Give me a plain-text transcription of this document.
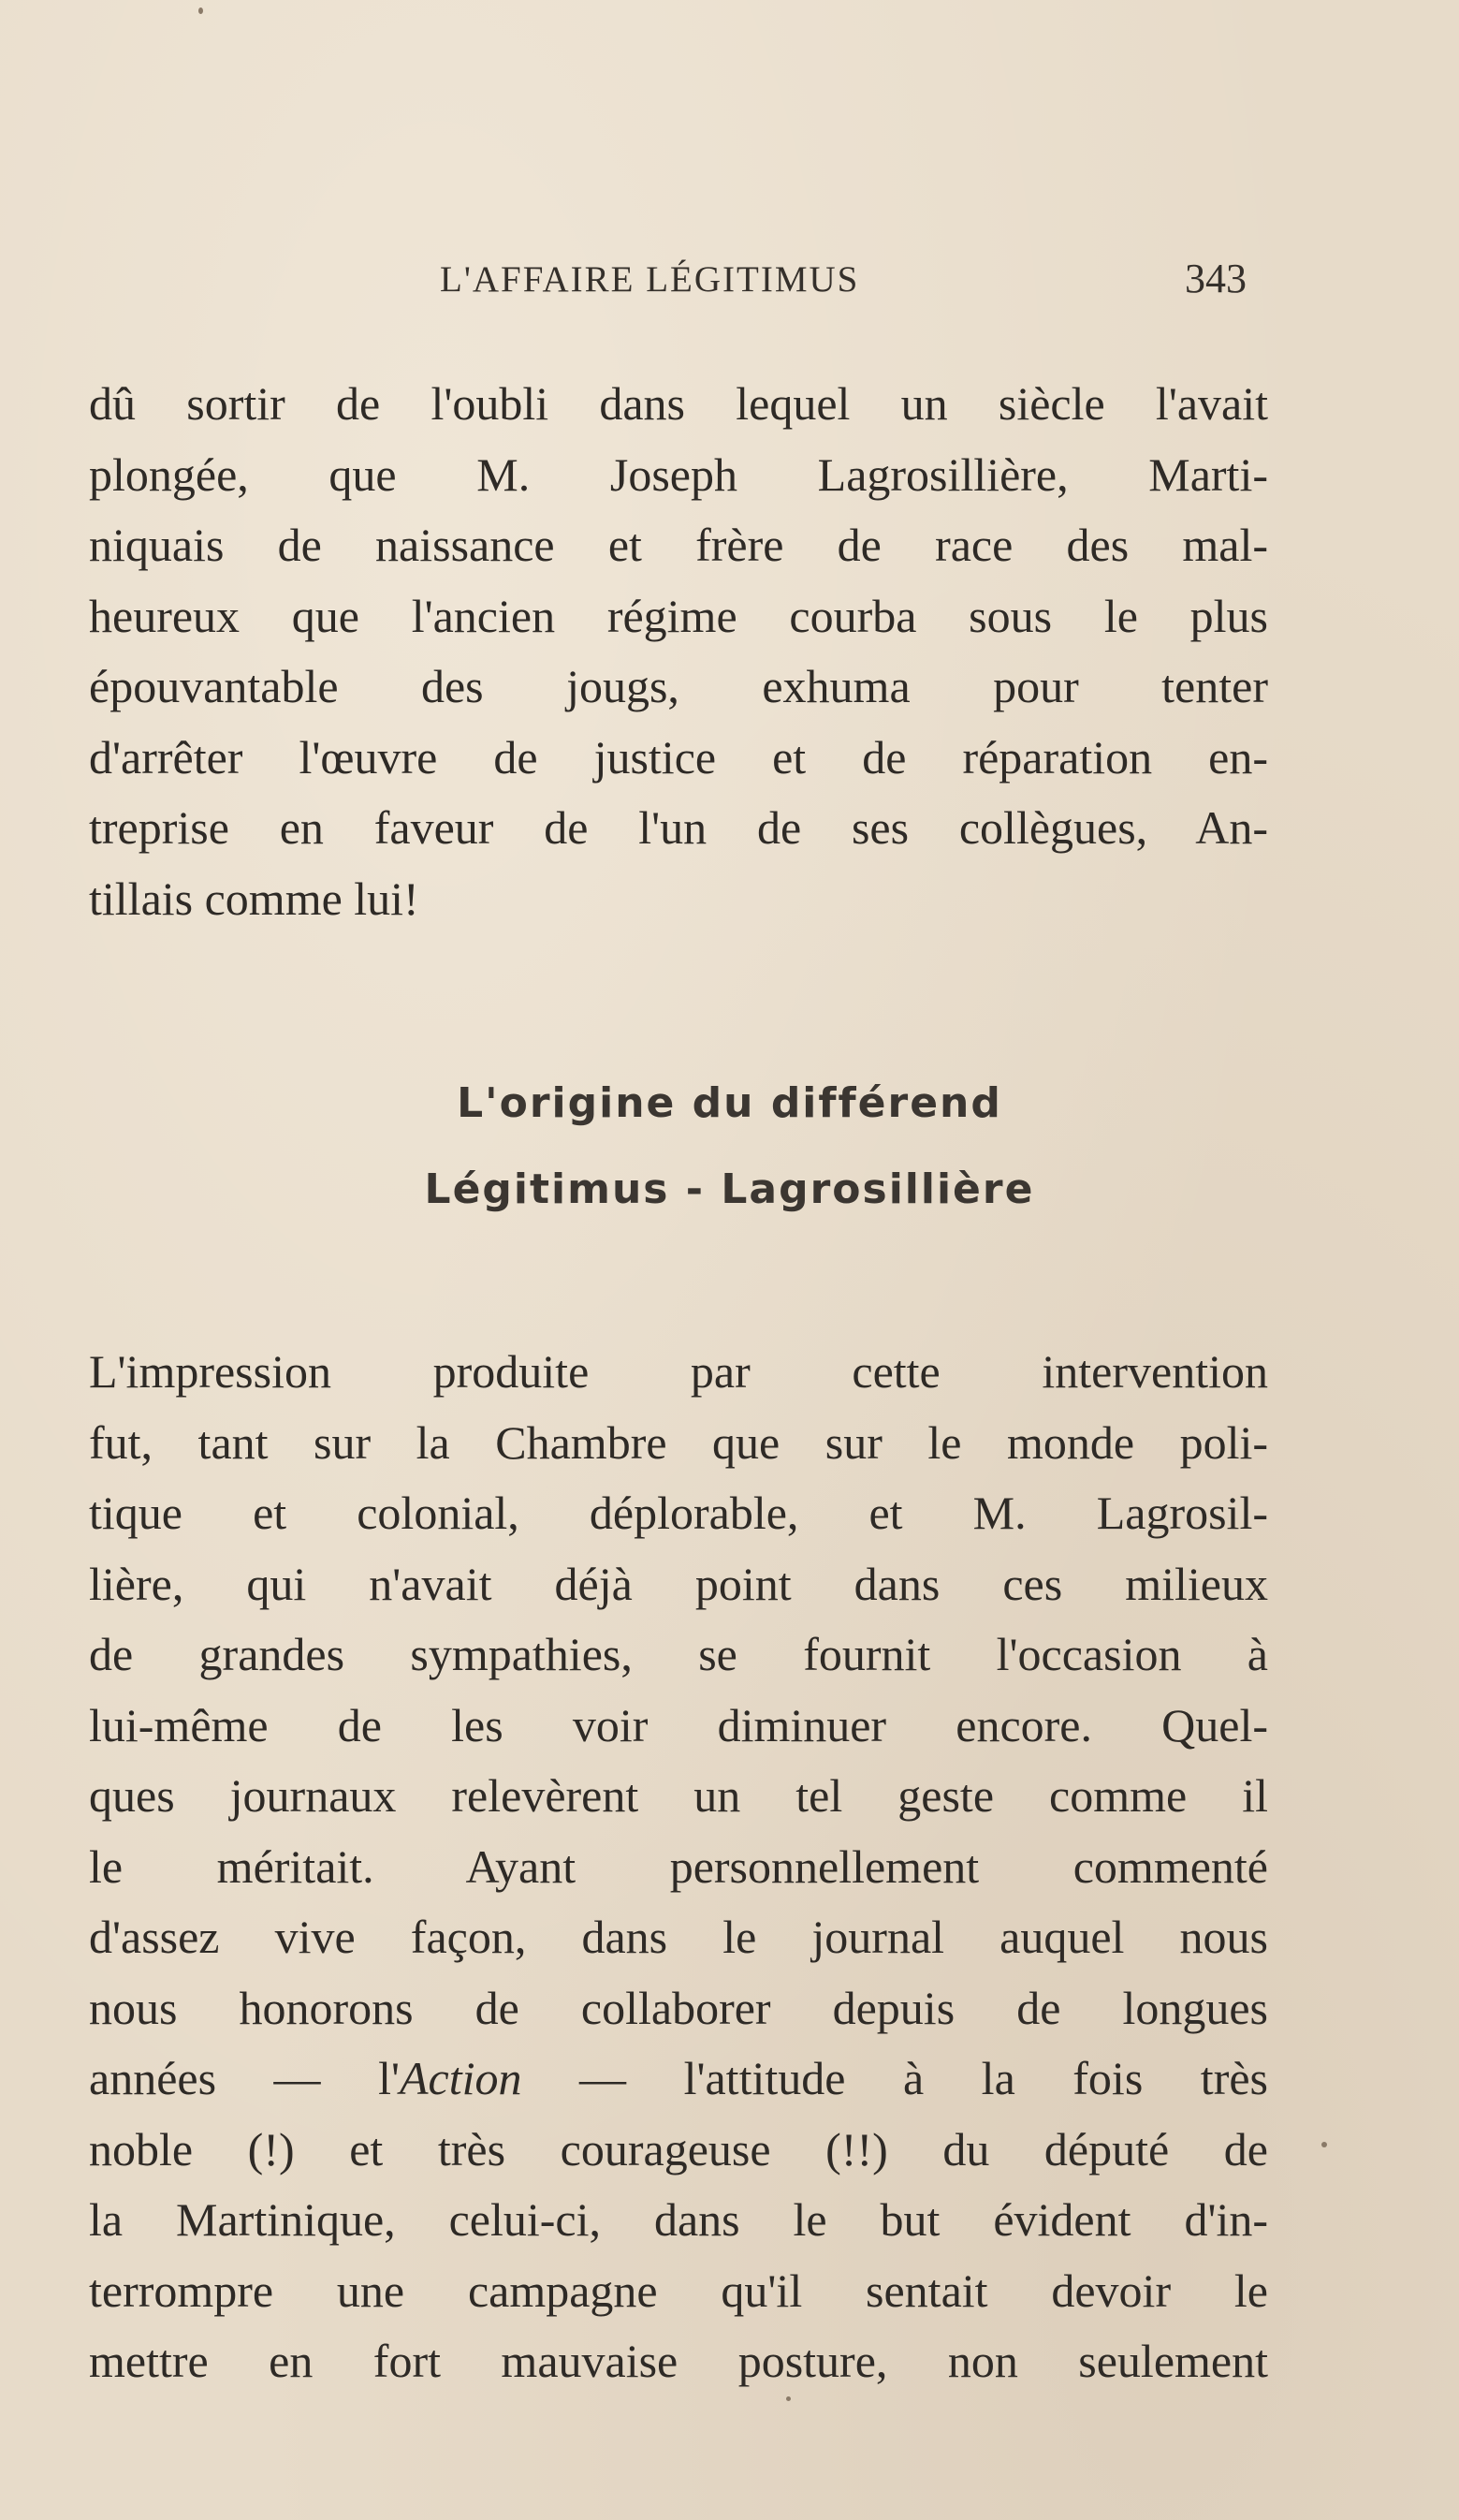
L'AFFAIRE LÉGITIMUS	343
dû sortir de l'oubli dans lequel un siècle l'avait
plongée, que M. Joseph Lagrosillière, Marti-
niquais de naissance et frère de race des mal-
heureux que l'ancien régime courba sous le plus
épouvantable des jougs, exhuma pour tenter
d'arrêter l'œuvre de justice et de réparation en-
treprise en faveur de l'un de ses collègues, An-
tillais comme lui!
L'origine du différend
Légitimus - Lagrosillière
L'impression produite par cette intervention
fut, tant sur la Chambre que sur le monde poli-
tique et colonial, déplorable, et M. Lagrosil-
lière, qui n'avait déjà point dans ces milieux
de grandes sympathies, se fournit l'occasion à
lui-même de les voir diminuer encore. Quel-
ques journaux relevèrent un tel geste comme il
le méritait. Ayant personnellement commenté
d'assez vive façon, dans le journal auquel nous
nous honorons de collaborer depuis de longues
années — l'Action — l'attitude à la fois très
noble (!) et très courageuse (!!) du député de
la Martinique, celui-ci, dans le but évident d'in-
terrompre une campagne qu'il sentait devoir le
mettre en fort mauvaise posture, non seulement
